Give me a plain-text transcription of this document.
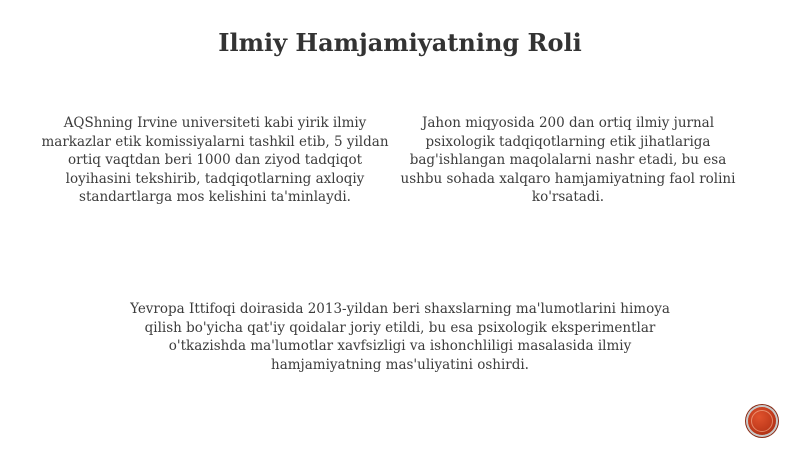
Ilmiy Hamjamiyatning Roli

AQShning Irvine universiteti kabi yirik ilmiy markazlar etik komissiyalarni tashkil etib, 5 yildan ortiq vaqtdan beri 1000 dan ziyod tadqiqot loyihasini tekshirib, tadqiqotlarning axloqiy standartlarga mos kelishini ta'minlaydi.

Jahon miqyosida 200 dan ortiq ilmiy jurnal psixologik tadqiqotlarning etik jihatlariga bag'ishlangan maqolalarni nashr etadi, bu esa ushbu sohada xalqaro hamjamiyatning faol rolini ko'rsatadi.

Yevropa Ittifoqi doirasida 2013-yildan beri shaxslarning ma'lumotlarini himoya qilish bo'yicha qat'iy qoidalar joriy etildi, bu esa psixologik eksperimentlar o'tkazishda ma'lumotlar xavfsizligi va ishonchliligi masalasida ilmiy hamjamiyatning mas'uliyatini oshirdi.
